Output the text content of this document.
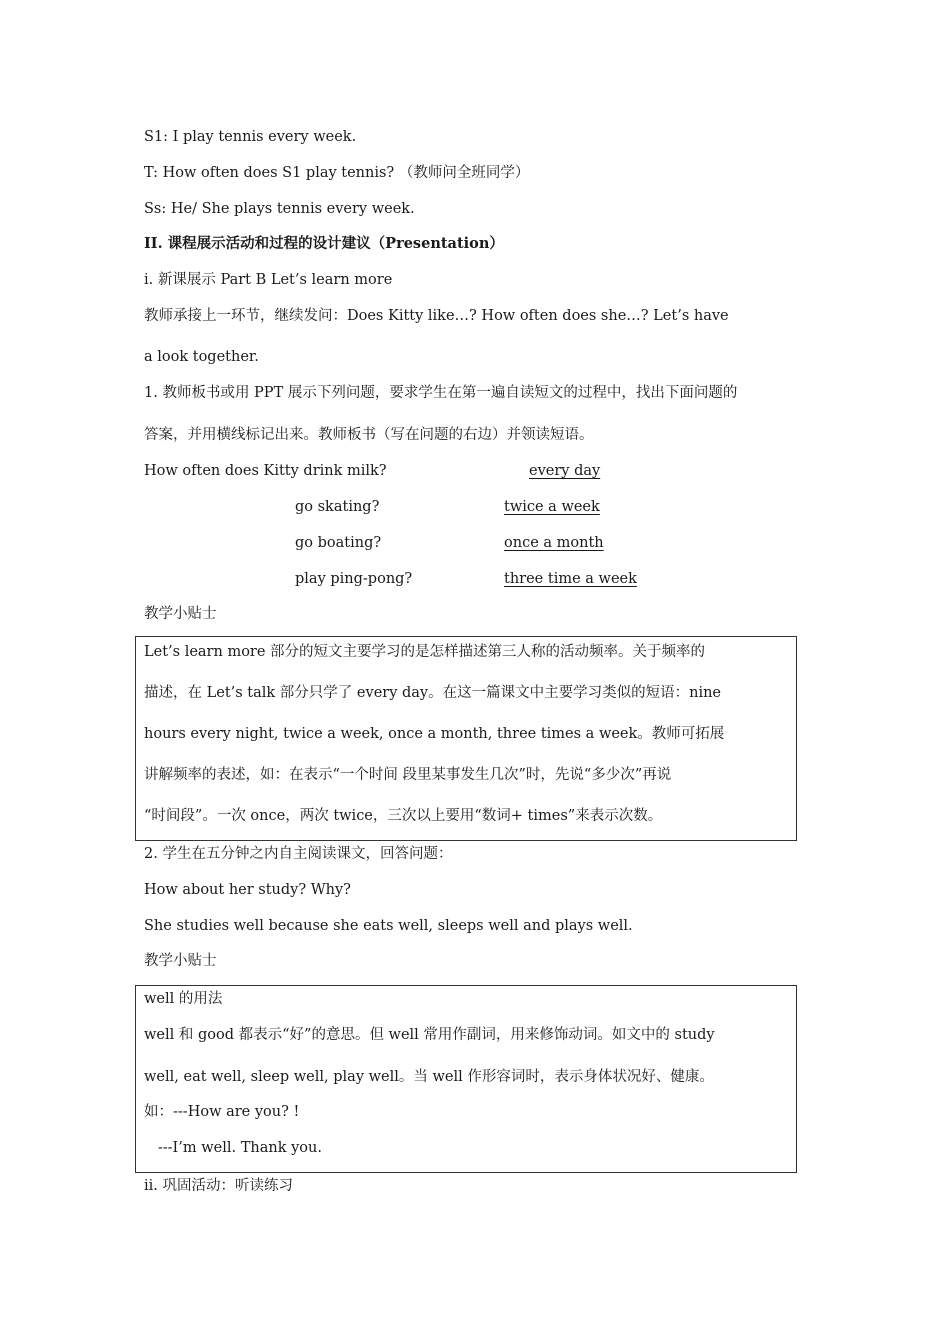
S1: I play tennis every week.
T: How often does S1 play tennis? （教师问全班同学）
Ss: He/ She plays tennis every week.
II. 课程展示活动和过程的设计建议（Presentation）
i. 新课展示 Part B Let’s learn more
教师承接上一环节，继续发问：Does Kitty like…? How often does she…? Let’s have
a look together.
1. 教师板书或用 PPT 展示下列问题，要求学生在第一遍自读短文的过程中，找出下面问题的
答案，并用横线标记出来。教师板书（写在问题的右边）并领读短语。
How often does Kitty drink milk?	every day
go skating?	twice a week
go boating?	once a month
play ping-pong?	three time a week
教学小贴士
Let’s learn more 部分的短文主要学习的是怎样描述第三人称的活动频率。关于频率的
描述，在 Let’s talk 部分只学了 every day。在这一篇课文中主要学习类似的短语：nine
hours every night, twice a week, once a month, three times a week。教师可拓展
讲解频率的表述，如：在表示“一个时间 段里某事发生几次”时，先说“多少次”再说
“时间段”。一次 once，两次 twice，三次以上要用“数词+ times”来表示次数。
2. 学生在五分钟之内自主阅读课文，回答问题：
How about her study? Why?
She studies well because she eats well, sleeps well and plays well.
教学小贴士
well 的用法
well 和 good 都表示“好”的意思。但 well 常用作副词，用来修饰动词。如文中的 study
well, eat well, sleep well, play well。当 well 作形容词时，表示身体状况好、健康。
如：---How are you? !
---I’m well. Thank you.
ii. 巩固活动：听读练习
